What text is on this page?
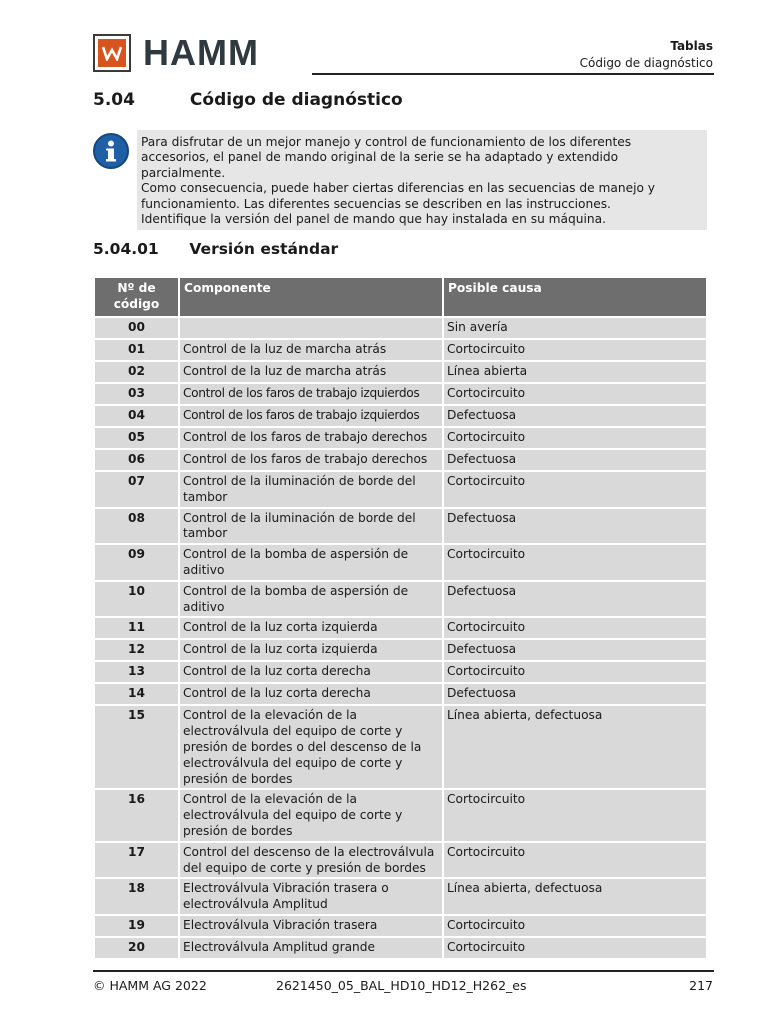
HAMM	Tablas
Código de diagnóstico
5.04	Código de diagnóstico

Para disfrutar de un mejor manejo y control de funcionamiento de los diferentes accesorios, el panel de mando original de la serie se ha adaptado y extendido parcialmente.

Como consecuencia, puede haber ciertas diferencias en las secuencias de manejo y funcionamiento. Las diferentes secuencias se describen en las instrucciones.

Identifique la versión del panel de mando que hay instalada en su máquina.

5.04.01 Versión estándar
Nº de código	Componente	Posible causa
00		Sin avería
01	Control de la luz de marcha atrás	Cortocircuito
02	Control de la luz de marcha atrás	Línea abierta
03	Control de los faros de trabajo izquierdos	Cortocircuito
04	Control de los faros de trabajo izquierdos	Defectuosa
05	Control de los faros de trabajo derechos	Cortocircuito
06	Control de los faros de trabajo derechos	Defectuosa
07	Control de la iluminación de borde del tambor	Cortocircuito
08	Control de la iluminación de borde del tambor	Defectuosa
09	Control de la bomba de aspersión de aditivo	Cortocircuito
10	Control de la bomba de aspersión de aditivo	Defectuosa
11	Control de la luz corta izquierda	Cortocircuito
12	Control de la luz corta izquierda	Defectuosa
13	Control de la luz corta derecha	Cortocircuito
14	Control de la luz corta derecha	Defectuosa
15	Control de la elevación de la electroválvula del equipo de corte y presión de bordes o del descenso de la electroválvula del equipo de corte y presión de bordes	Línea abierta, defectuosa
16	Control de la elevación de la electroválvula del equipo de corte y presión de bordes	Cortocircuito
17	Control del descenso de la electroválvula del equipo de corte y presión de bordes	Cortocircuito
18	Electroválvula Vibración trasera o electroválvula Amplitud	Línea abierta, defectuosa
19	Electroválvula Vibración trasera	Cortocircuito
20	Electroválvula Amplitud grande	Cortocircuito
© HAMM AG 2022	2621450_05_BAL_HD10_HD12_H262_es	217
